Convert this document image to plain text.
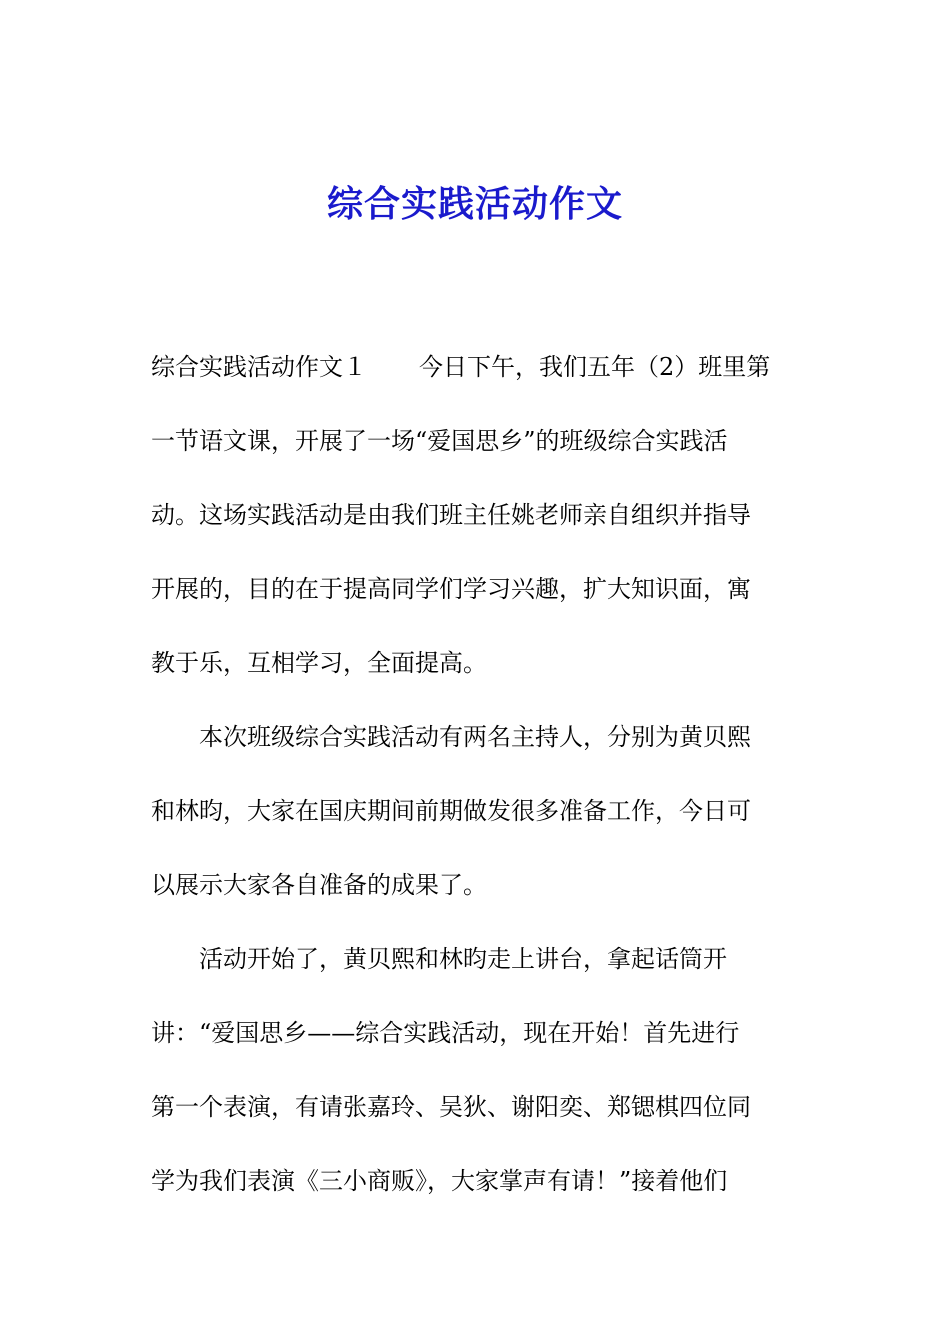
综合实践活动作文
综合实践活动作文１ 今日下午，我们五年（2）班里第
一节语文课，开展了一场“爱国思乡”的班级综合实践活
动。这场实践活动是由我们班主任姚老师亲自组织并指导
开展的，目的在于提高同学们学习兴趣，扩大知识面，寓
教于乐，互相学习，全面提高。
　　本次班级综合实践活动有两名主持人，分别为黄贝熙
和林昀，大家在国庆期间前期做发很多准备工作，今日可
以展示大家各自准备的成果了。
　　活动开始了，黄贝熙和林昀走上讲台，拿起话筒开
讲：“爱国思乡——综合实践活动，现在开始！首先进行
第一个表演，有请张嘉玲、吴狄、谢阳奕、郑锶棋四位同
学为我们表演《三小商贩》，大家掌声有请！”接着他们
